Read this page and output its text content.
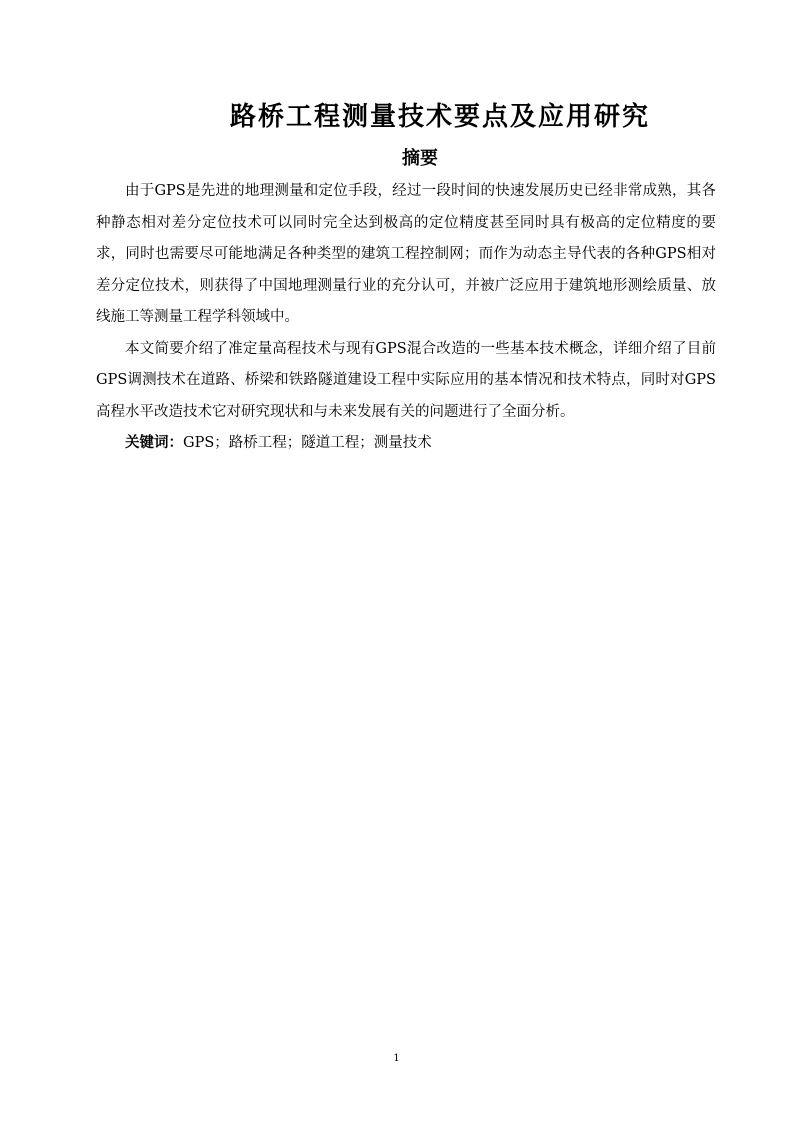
路桥工程测量技术要点及应用研究
摘要

由于GPS是先进的地理测量和定位手段，经过一段时间的快速发展历史已经非常成熟，其各种静态相对差分定位技术可以同时完全达到极高的定位精度甚至同时具有极高的定位精度的要求，同时也需要尽可能地满足各种类型的建筑工程控制网；而作为动态主导代表的各种GPS相对差分定位技术，则获得了中国地理测量行业的充分认可，并被广泛应用于建筑地形测绘质量、放线施工等测量工程学科领域中。

本文简要介绍了准定量高程技术与现有GPS混合改造的一些基本技术概念，详细介绍了目前GPS调测技术在道路、桥梁和铁路隧道建设工程中实际应用的基本情况和技术特点，同时对GPS高程水平改造技术它对研究现状和与未来发展有关的问题进行了全面分析。

关键词：GPS；路桥工程；隧道工程；测量技术

1
